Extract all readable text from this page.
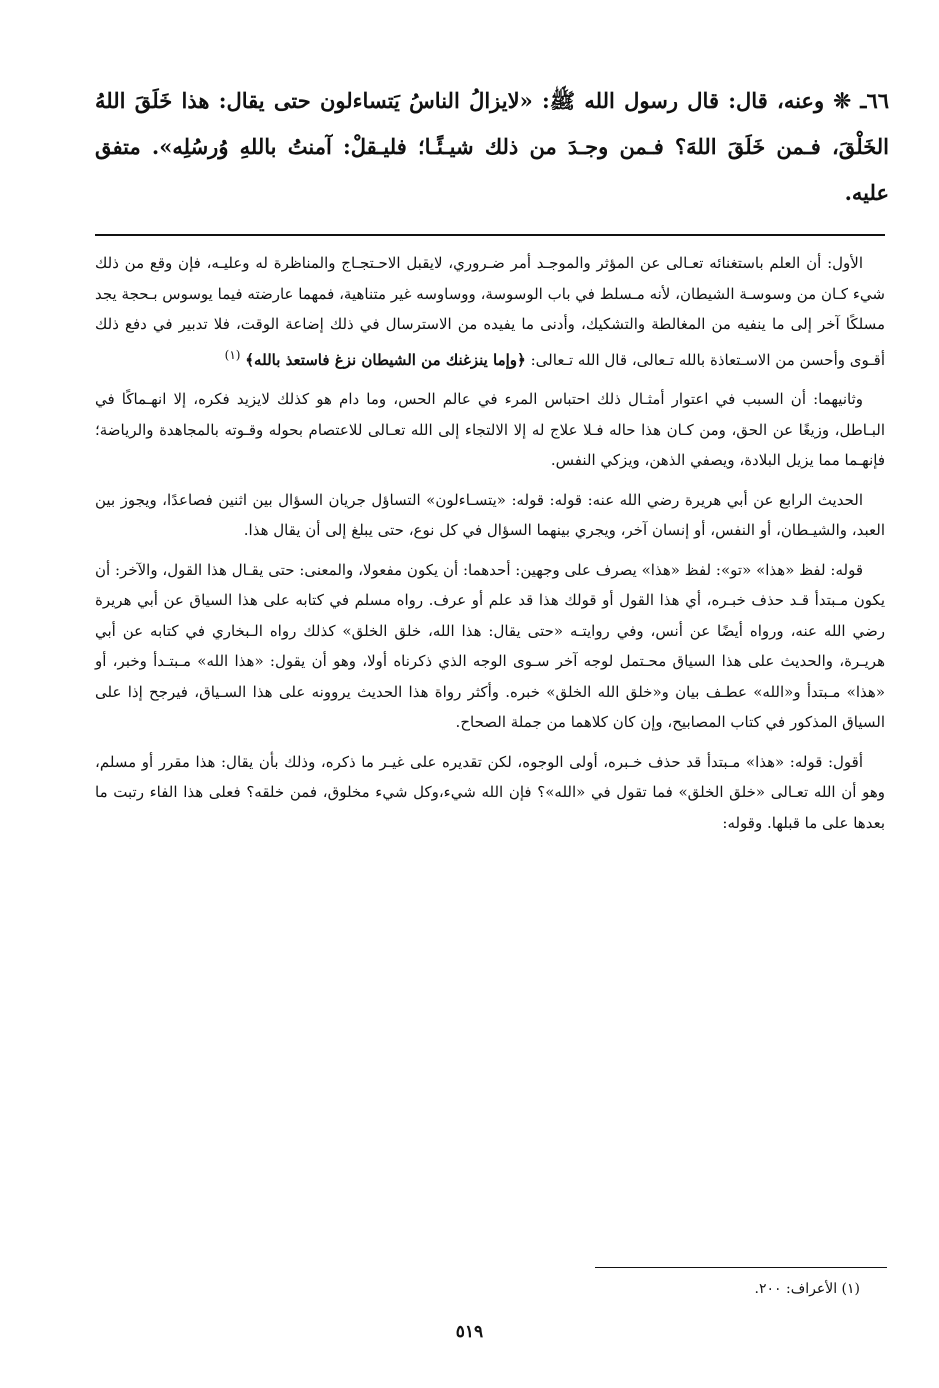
٦٦ـ ❊ وعنه، قال: قال رسول الله ﷺ: «لايزالُ الناسُ يَتساءلون حتى يقال: هذا خَلَقَ اللهُ الخَلْقَ، فـمن خَلَقَ اللهَ؟ فـمن وجـدَ من ذلك شيـئًـا؛ فليـقلْ: آمنتُ باللهِ وُرسُلِه». متفق عليه.

الأول: أن العلم باستغنائه تعـالى عن المؤثر والموجـد أمر ضـروري، لايقبل الاحـتجـاج والمناظرة له وعليـه، فإن وقع من ذلك شيء كـان من وسوسـة الشيطان، لأنه مـسلط في باب الوسوسة، ووساوسه غير متناهية، فمهما عارضته فيما يوسوس بـحجة يجد مسلكًا آخر إلى ما ينفيه من المغالطة والتشكيك، وأدنى ما يفيده من الاسترسال في ذلك إضاعة الوقت، فلا تدبير في دفع ذلك أقـوى وأحسن من الاسـتعاذة بالله تـعالى، قال الله تـعالى: ﴿وإما ينزغنك من الشيطان نزغ فاستعذ بالله﴾ $^{(١)}$

وثانيهما: أن السبب في اعتوار أمثـال ذلك احتباس المرء في عالم الحس، وما دام هو كذلك لايزيد فكره، إلا انهـماكًا في البـاطل، وزيغًا عن الحق، ومن كـان هذا حاله فـلا علاج له إلا الالتجاء إلى الله تعـالى للاعتصام بحوله وقـوته بالمجاهدة والرياضة؛ فإنهـما مما يزيل البلادة، ويصفي الذهن، ويزكي النفس.

الحديث الرابع عن أبي هريرة رضي الله عنه: قوله: قوله: «يتسـاءلون» التساؤل جريان السؤال بين اثنين فصاعدًا، ويجوز بين العبد، والشيـطان، أو النفس، أو إنسان آخر، ويجري بينهما السؤال في كل نوع، حتى يبلغ إلى أن يقال هذا.

قوله: لفظ «هذا» «تو»: لفظ «هذا» يصرف على وجهين: أحدهما: أن يكون مفعولا، والمعنى: حتى يقـال هذا القول، والآخر: أن يكون مـبتدأ قـد حذف خبـره، أي هذا القول أو قولك هذا قد علم أو عرف. رواه مسلم في كتابه على هذا السياق عن أبي هريرة رضي الله عنه، ورواه أيضًا عن أنس، وفي روايتـه «حتى يقال: هذا الله، خلق الخلق» كذلك رواه الـبخاري في كتابه عن أبي هريـرة، والحديث على هذا السياق محـتمل لوجه آخر سـوى الوجه الذي ذكرناه أولا، وهو أن يقول: «هذا الله» مـبتـدأ وخبر، أو «هذا» مـبتدأ و«الله» عطـف بيان و«خلق الله الخلق» خبره. وأكثر رواة هذا الحديث يروونه على هذا السـياق، فيرجح إذا على السياق المذكور في كتاب المصابيح، وإن كان كلاهما من جملة الصحاح.

أقول: قوله: «هذا» مـبتدأ قد حذف خـبره، أولى الوجوه، لكن تقديره على غيـر ما ذكره، وذلك بأن يقال: هذا مقرر أو مسلم، وهو أن الله تعـالى «خلق الخلق» فما تقول في «الله»؟ فإن الله شيء،وكل شيء مخلوق، فمن خلقه؟ فعلى هذا الفاء رتبت ما بعدها على ما قبلها. وقوله:

(١) الأعراف: ٢٠٠.
٥١٩
